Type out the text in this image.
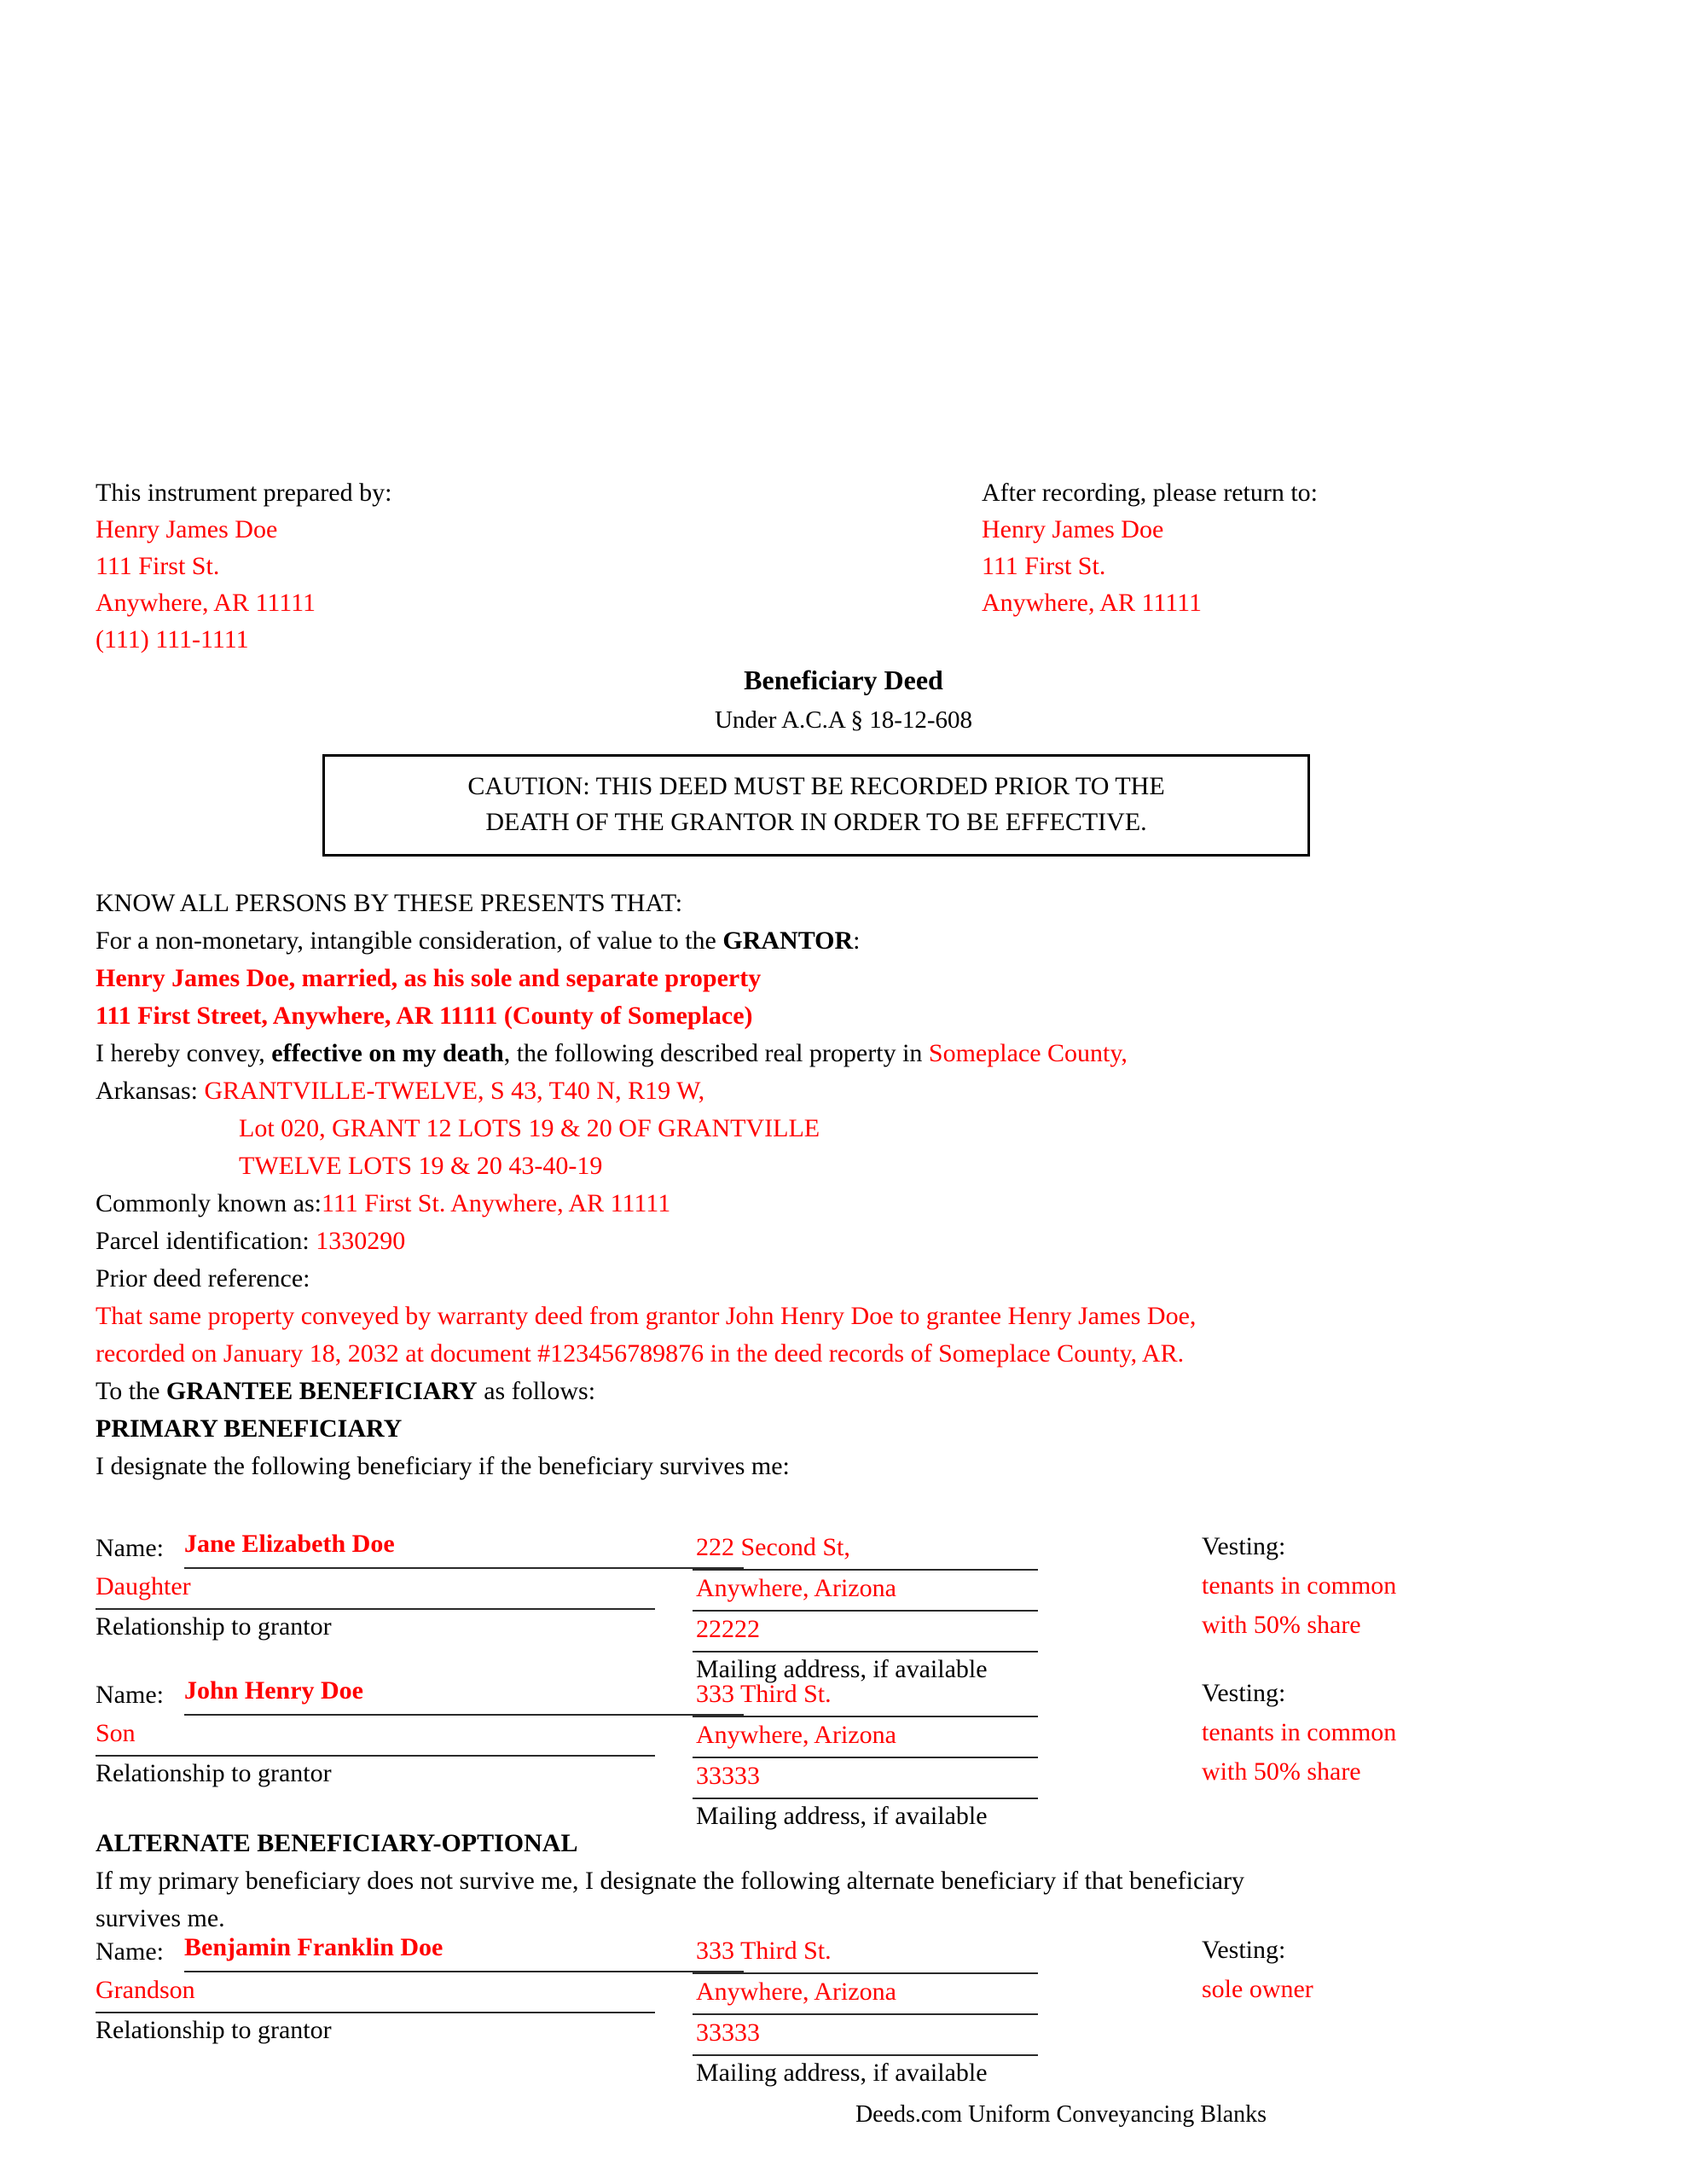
This instrument prepared by:
Henry James Doe
111 First St.
Anywhere, AR 11111
(111) 111-1111
After recording, please return to:
Henry James Doe
111 First St.
Anywhere, AR 11111
Beneficiary Deed
Under A.C.A § 18-12-608
CAUTION: THIS DEED MUST BE RECORDED PRIOR TO THE
DEATH OF THE GRANTOR IN ORDER TO BE EFFECTIVE.

KNOW ALL PERSONS BY THESE PRESENTS THAT:

For a non-monetary, intangible consideration, of value to the GRANTOR:

Henry James Doe, married, as his sole and separate property

111 First Street, Anywhere, AR 11111 (County of Someplace)

I hereby convey, effective on my death, the following described real property in Someplace County,

Arkansas: GRANTVILLE-TWELVE, S 43, T40 N, R19 W,

Lot 020, GRANT 12 LOTS 19 & 20 OF GRANTVILLE

TWELVE LOTS 19 & 20 43-40-19

Commonly known as:111 First St. Anywhere, AR 11111

Parcel identification: 1330290

Prior deed reference:

That same property conveyed by warranty deed from grantor John Henry Doe to grantee Henry James Doe,

recorded on January 18, 2032 at document #123456789876 in the deed records of Someplace County, AR.

To the GRANTEE BENEFICIARY as follows:

PRIMARY BENEFICIARY

I designate the following beneficiary if the beneficiary survives me:

Name: Jane Elizabeth Doe
Daughter
Relationship to grantor
222 Second St,
Anywhere, Arizona
22222
Mailing address, if available
Vesting:
tenants in common
with 50% share
Name: John Henry Doe
Son
Relationship to grantor
333 Third St.
Anywhere, Arizona
33333
Mailing address, if available
Vesting:
tenants in common
with 50% share
ALTERNATE BENEFICIARY-OPTIONAL
If my primary beneficiary does not survive me, I designate the following alternate beneficiary if that beneficiary
survives me.
Name: Benjamin Franklin Doe
Grandson
Relationship to grantor
333 Third St.
Anywhere, Arizona
33333
Mailing address, if available
Vesting:
sole owner
Deeds.com Uniform Conveyancing Blanks
